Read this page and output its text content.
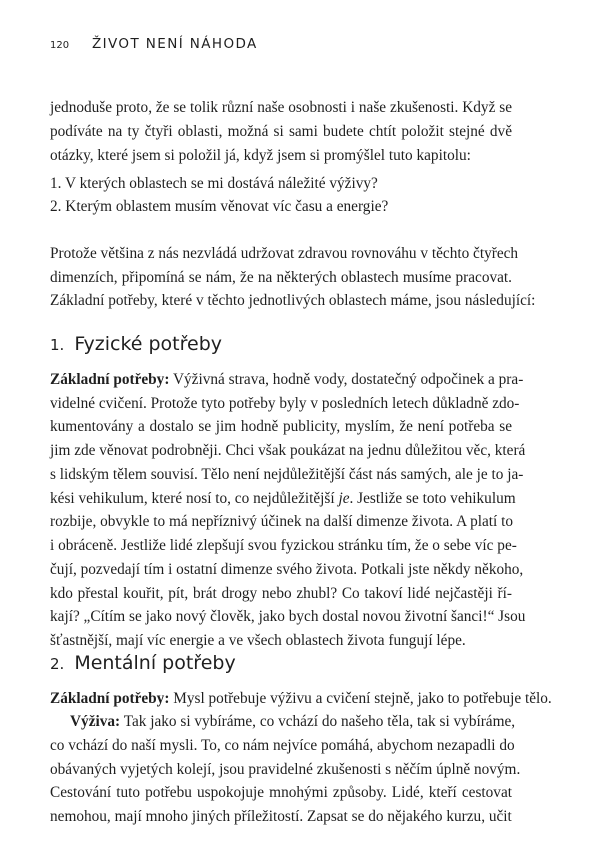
120 ŽIVOT NENÍ NÁHODA
1. Fyzické potřeby
2. Mentální potřeby
jednoduše proto, že se tolik různí naše osobnosti i naše zkušenosti. Když se
podíváte na ty čtyři oblasti, možná si sami budete chtít položit stejné dvě
otázky, které jsem si položil já, když jsem si promýšlel tuto kapitolu:
1. V kterých oblastech se mi dostává náležité výživy?
2. Kterým oblastem musím věnovat víc času a energie?
Protože většina z nás nezvládá udržovat zdravou rovnováhu v těchto čtyřech
dimenzích, připomíná se nám, že na některých oblastech musíme pracovat.
Základní potřeby, které v těchto jednotlivých oblastech máme, jsou následující:
Základní potřeby: Výživná strava, hodně vody, dostatečný odpočinek a pra-
videlné cvičení. Protože tyto potřeby byly v posledních letech důkladně zdo-
kumentovány a dostalo se jim hodně publicity, myslím, že není potřeba se
jim zde věnovat podrobněji. Chci však poukázat na jednu důležitou věc, která
s lidským tělem souvisí. Tělo není nejdůležitější část nás samých, ale je to ja-
kési vehikulum, které nosí to, co nejdůležitější je. Jestliže se toto vehikulum
rozbije, obvykle to má nepříznivý účinek na další dimenze života. A platí to
i obráceně. Jestliže lidé zlepšují svou fyzickou stránku tím, že o sebe víc pe-
čují, pozvedají tím i ostatní dimenze svého života. Potkali jste někdy někoho,
kdo přestal kouřit, pít, brát drogy nebo zhubl? Co takoví lidé nejčastěji ří-
kají? „Cítím se jako nový člověk, jako bych dostal novou životní šanci!“ Jsou
šťastnější, mají víc energie a ve všech oblastech života fungují lépe.
Základní potřeby: Mysl potřebuje výživu a cvičení stejně, jako to potřebuje tělo.
Výživa: Tak jako si vybíráme, co vchází do našeho těla, tak si vybíráme,
co vchází do naší mysli. To, co nám nejvíce pomáhá, abychom nezapadli do
obávaných vyjetých kolejí, jsou pravidelné zkušenosti s něčím úplně novým.
Cestování tuto potřebu uspokojuje mnohými způsoby. Lidé, kteří cestovat
nemohou, mají mnoho jiných příležitostí. Zapsat se do nějakého kurzu, učit
